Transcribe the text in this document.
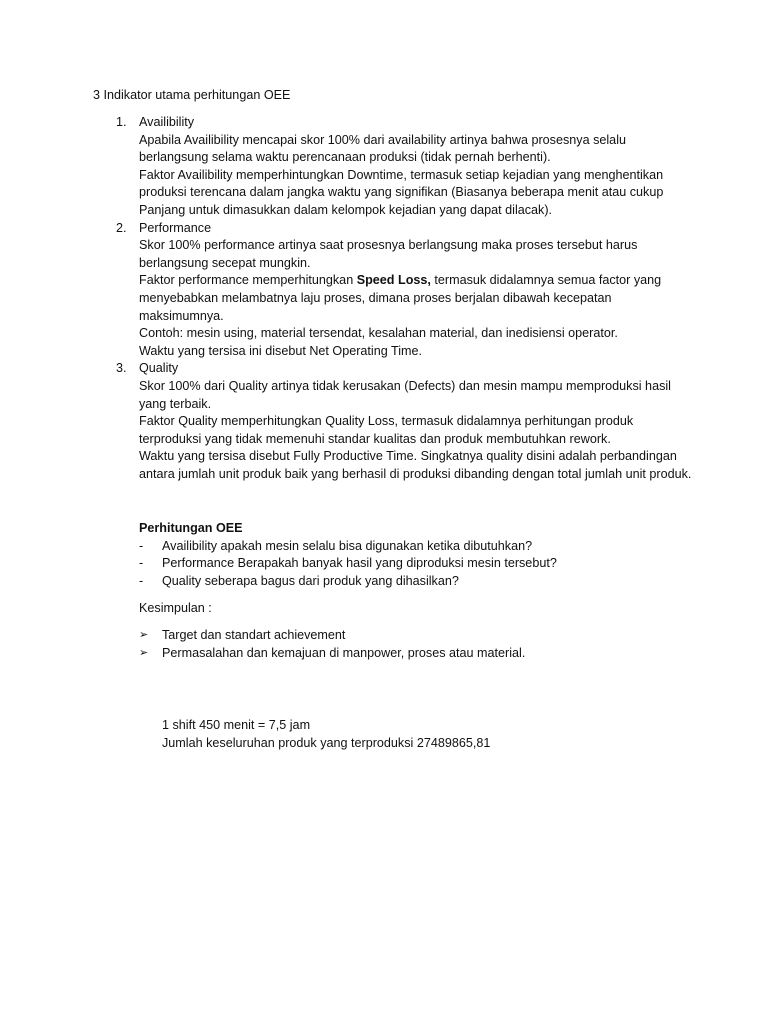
3 Indikator utama perhitungan OEE

1. Availibility
Apabila Availibility mencapai skor 100% dari availability artinya bahwa prosesnya selalu berlangsung selama waktu perencanaan produksi (tidak pernah berhenti).
Faktor Availibility memperhintungkan Downtime, termasuk setiap kejadian yang menghentikan produksi terencana dalam jangka waktu yang signifikan (Biasanya beberapa menit atau cukup Panjang untuk dimasukkan dalam kelompok kejadian yang dapat dilacak).
2. Performance
Skor 100% performance artinya saat prosesnya berlangsung maka proses tersebut harus berlangsung secepat mungkin.
Faktor performance memperhitungkan Speed Loss, termasuk didalamnya semua factor yang menyebabkan melambatnya laju proses, dimana proses berjalan dibawah kecepatan maksimumnya.
Contoh: mesin using, material tersendat, kesalahan material, dan inedisiensi operator.
Waktu yang tersisa ini disebut Net Operating Time.
3. Quality
Skor 100% dari Quality artinya tidak kerusakan (Defects) dan mesin mampu memproduksi hasil yang terbaik.
Faktor Quality memperhitungkan Quality Loss, termasuk didalamnya perhitungan produk terproduksi yang tidak memenuhi standar kualitas dan produk membutuhkan rework.
Waktu yang tersisa disebut Fully Productive Time. Singkatnya quality disini adalah perbandingan antara jumlah unit produk baik yang berhasil di produksi dibanding dengan total jumlah unit produk.
Perhitungan OEE
- Availibility apakah mesin selalu bisa digunakan ketika dibutuhkan?
- Performance Berapakah banyak hasil yang diproduksi mesin tersebut?
- Quality seberapa bagus dari produk yang dihasilkan?
Kesimpulan :
➢ Target dan standart achievement
➢ Permasalahan dan kemajuan di manpower, proses atau material.
1 shift 450 menit = 7,5 jam
Jumlah keseluruhan produk yang terproduksi 27489865,81
